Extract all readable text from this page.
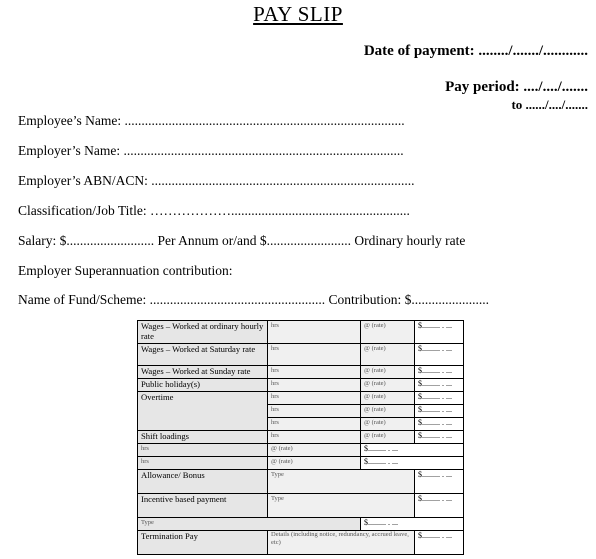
PAY SLIP
Date of payment: ......../......./............
Pay period: ..../..../.......
to ....../..../.......
Employee’s Name: ...................................................................................
Employer’s Name: ...................................................................................
Employer’s ABN/ACN: ..............................................................................
Classification/Job Title: ……………….....................................................
Salary: $.......................... Per Annum or/and $......................... Ordinary hourly rate
Employer Superannuation contribution:
Name of Fund/Scheme: .................................................... Contribution: $.......................
Wages – Worked at ordinary hourly rate	hrs	@ (rate)	$......... . ...
Wages – Worked at Saturday rate	hrs	@ (rate)	$......... . ...
Wages – Worked at Sunday rate	hrs	@ (rate)	$......... . ...
Public holiday(s)	hrs	@ (rate)	$......... . ...
Overtime	hrs	@ (rate)	$......... . ...
	hrs	@ (rate)	$......... . ...
	hrs	@ (rate)	$......... . ...
Shift loadings	hrs	@ (rate)	$......... . ...
hrs	@ (rate)	$......... . ...	
hrs	@ (rate)	$......... . ...	
Allowance/ Bonus	Type		$......... . ...
Incentive based payment	Type		$......... . ...
Type		$......... . ...	
Termination Pay	Details (including notice, redundancy, accrued leave, etc)		$......... . ...
